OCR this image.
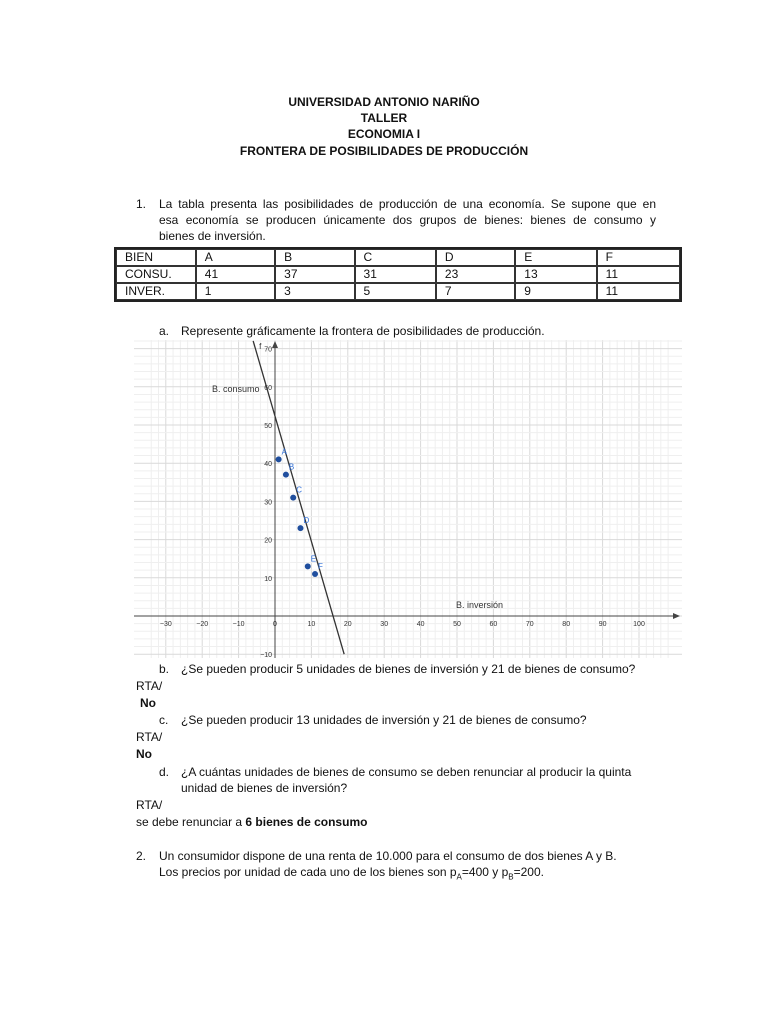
UNIVERSIDAD ANTONIO NARIÑO
TALLER
ECONOMIA I
FRONTERA DE POSIBILIDADES DE PRODUCCIÓN
1. La tabla presenta las posibilidades de producción de una economía. Se supone que en
esa economía se producen únicamente dos grupos de bienes: bienes de consumo y
bienes de inversión.
BIEN	A	B	C	D	E	F
CONSU.	41	37	31	23	13	11
INVER.	1	3	5	7	9	11
a. Represente gráficamente la frontera de posibilidades de producción.
−30	−20	−10	0	10	20	30	40	50	60	70	80	90	100
−10
10
20
30
40
50
60
70
f
A
B
C
D
E
F
B. inversión
B. consumo
b. ¿Se pueden producir 5 unidades de bienes de inversión y 21 de bienes de consumo?
RTA/
No
c. ¿Se pueden producir 13 unidades de inversión y 21 de bienes de consumo?
RTA/
No
d. ¿A cuántas unidades de bienes de consumo se deben renunciar al producir la quinta
unidad de bienes de inversión?
RTA/
se debe renunciar a 6 bienes de consumo
2. Un consumidor dispone de una renta de 10.000 para el consumo de dos bienes A y B.
Los precios por unidad de cada uno de los bienes son $p_A=400$ y $p_B=200$.
